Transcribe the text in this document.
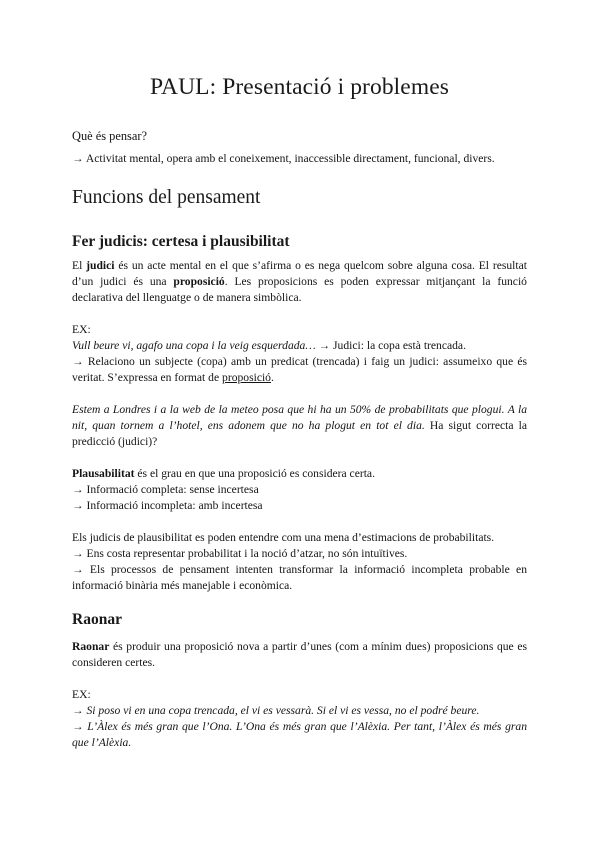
PAUL: Presentació i problemes

Què és pensar?

→ Activitat mental, opera amb el coneixement, inaccessible directament, funcional, divers.

Funcions del pensament
Fer judicis: certesa i plausibilitat

El judici és un acte mental en el que s’afirma o es nega quelcom sobre alguna cosa. El resultat d’un judici és una proposició. Les proposicions es poden expressar mitjançant la funció declarativa del llenguatge o de manera simbòlica.

EX:

Vull beure vi, agafo una copa i la veig esquerdada… → Judici: la copa està trencada.

→ Relaciono un subjecte (copa) amb un predicat (trencada) i faig un judici: assumeixo que és veritat. S’expressa en format de proposició.

Estem a Londres i a la web de la meteo posa que hi ha un 50% de probabilitats que plogui. A la nit, quan tornem a l’hotel, ens adonem que no ha plogut en tot el dia. Ha sigut correcta la predicció (judici)?

Plausabilitat és el grau en que una proposició es considera certa.

→ Informació completa: sense incertesa

→ Informació incompleta: amb incertesa

Els judicis de plausibilitat es poden entendre com una mena d’estimacions de probabilitats.

→ Ens costa representar probabilitat i la noció d’atzar, no són intuïtives.

→ Els processos de pensament intenten transformar la informació incompleta probable en informació binària més manejable i econòmica.

Raonar

Raonar és produir una proposició nova a partir d’unes (com a mínim dues) proposicions que es consideren certes.

EX:

→ Si poso vi en una copa trencada, el vi es vessarà. Si el vi es vessa, no el podré beure.

→ L’Àlex és més gran que l’Ona. L’Ona és més gran que l’Alèxia. Per tant, l’Àlex és més gran que l’Alèxia.
